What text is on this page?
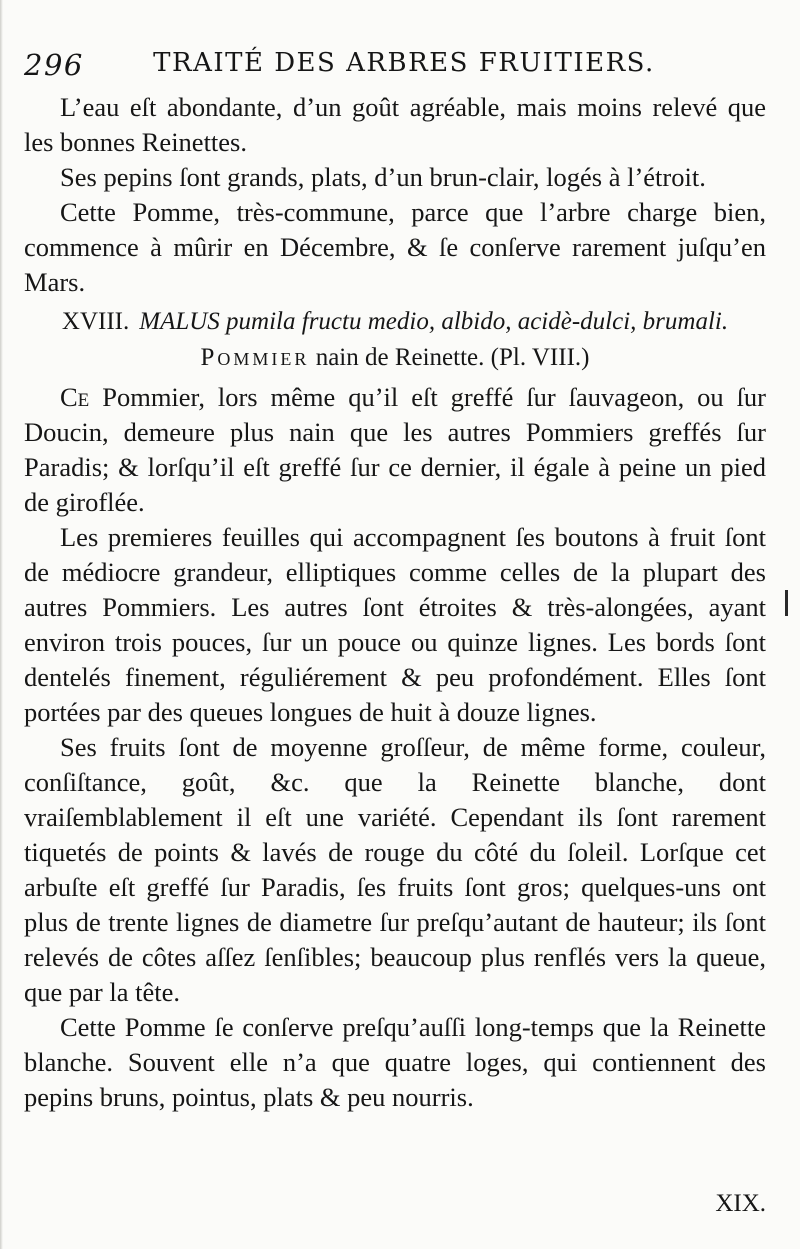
296	TRAITÉ DES ARBRES FRUITIERS.

L’eau eſt abondante, d’un goût agréable, mais moins relevé que les bonnes Reinettes.

Ses pepins ſont grands, plats, d’un brun-clair, logés à l’étroit.

Cette Pomme, très-commune, parce que l’arbre charge bien, commence à mûrir en Décembre, & ſe conſerve rarement juſqu’en Mars.

XVIII. MALUS pumila fructu medio, albido, acidè-dulci, brumali.
Pommier nain de Reinette. (Pl. VIII.)

Ce Pommier, lors même qu’il eſt greffé ſur ſauvageon, ou ſur Doucin, demeure plus nain que les autres Pommiers greffés ſur Paradis; & lorſqu’il eſt greffé ſur ce dernier, il égale à peine un pied de giroflée.

Les premieres feuilles qui accompagnent ſes boutons à fruit ſont de médiocre grandeur, elliptiques comme celles de la plupart des autres Pommiers. Les autres ſont étroites & très-alongées, ayant environ trois pouces, ſur un pouce ou quinze lignes. Les bords ſont dentelés finement, réguliérement & peu profondément. Elles ſont portées par des queues longues de huit à douze lignes.

Ses fruits ſont de moyenne groſſeur, de même forme, couleur, conſiſtance, goût, &c. que la Reinette blanche, dont vraiſemblablement il eſt une variété. Cependant ils ſont rarement tiquetés de points & lavés de rouge du côté du ſoleil. Lorſque cet arbuſte eſt greffé ſur Paradis, ſes fruits ſont gros; quelques-uns ont plus de trente lignes de diametre ſur preſqu’autant de hauteur; ils ſont relevés de côtes aſſez ſenſibles; beaucoup plus renflés vers la queue, que par la tête.

Cette Pomme ſe conſerve preſqu’auſſi long-temps que la Reinette blanche. Souvent elle n’a que quatre loges, qui contiennent des pepins bruns, pointus, plats & peu nourris.

XIX.
